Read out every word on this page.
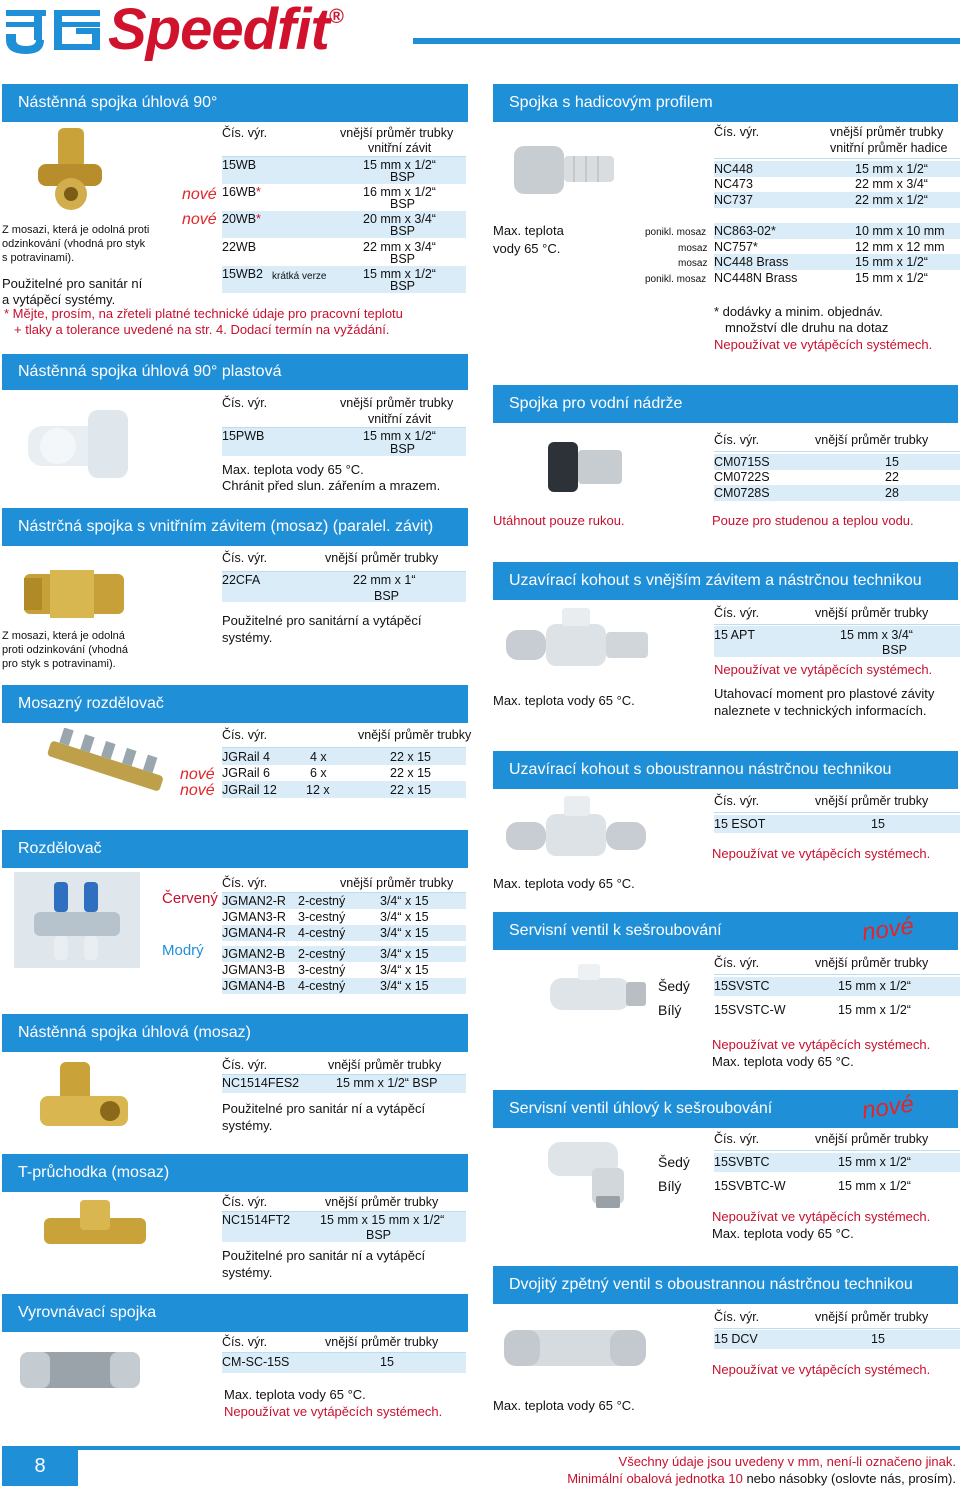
Speedfit®
Nástěnná spojka úhlová 90°
Z mosazi, která je odolná proti
odzinkování (vhodná pro styk
s potravinami).
Použitelné pro sanitár ní
a vytápěcí systémy.
Čís. výr.	vnější průměr trubky
vnitřní závit
15WB	15 mm x 1/2“
BSP
nové 16WB*	16 mm x 1/2“
BSP
nové 20WB*	20 mm x 3/4“
BSP
22WB	22 mm x 3/4“
BSP
15WB2 krátká verze	15 mm x 1/2“
BSP
* Mějte, prosím, na zřeteli platné technické údaje pro pracovní teplotu
+ tlaky a tolerance uvedené na str. 4. Dodací termín na vyžádání.
Nástěnná spojka úhlová 90° plastová
Čís. výr.	vnější průměr trubky
vnitřní závit
15PWB	15 mm x 1/2“
BSP
Max. teplota vody 65 °C.
Chránit před slun. zářením a mrazem.
Nástrčná spojka s vnitřním závitem (mosaz) (paralel. závit)
Z mosazi, která je odolná
proti odzinkování (vhodná
pro styk s potravinami).
Čís. výr.	vnější průměr trubky
22CFA	22 mm x 1“
BSP
Použitelné pro sanitární a vytápěcí
systémy.
Mosazný rozdělovač
Čís. výr.	vnější průměr trubky
JGRail 4	4 x	22 x 15
nové JGRail 6	6 x	22 x 15
nové JGRail 12 12 x	22 x 15
Rozdělovač
Červený
Modrý
Čís. výr.	vnější průměr trubky
JGMAN2-R 2-cestný	3/4“ x 15
JGMAN3-R 3-cestný	3/4“ x 15
JGMAN4-R 4-cestný	3/4“ x 15
JGMAN2-B 2-cestný	3/4“ x 15
JGMAN3-B 3-cestný	3/4“ x 15
JGMAN4-B 4-cestný	3/4“ x 15
Nástěnná spojka úhlová (mosaz)
Čís. výr.	vnější průměr trubky
NC1514FES2	15 mm x 1/2“ BSP
Použitelné pro sanitár ní a vytápěcí
systémy.
T-průchodka (mosaz)
Čís. výr.	vnější průměr trubky
NC1514FT2 15 mm x 15 mm x 1/2“
BSP
Použitelné pro sanitár ní a vytápěcí
systémy.
Vyrovnávací spojka
Čís. výr.	vnější průměr trubky
CM-SC-15S	15
Max. teplota vody 65 °C.
Nepoužívat ve vytápěcích systémech.
Spojka s hadicovým profilem
Max. teplota
vody 65 °C.
Čís. výr.	vnější průměr trubky
vnitřní průměr hadice
NC448	15 mm x 1/2“
NC473	22 mm x 3/4“
NC737	22 mm x 1/2“
ponikl. mosaz NC863-02*	10 mm x 10 mm
mosaz NC757*	12 mm x 12 mm
mosaz NC448 Brass	15 mm x 1/2“
ponikl. mosaz NC448N Brass	15 mm x 1/2“
* dodávky a minim. objednáv.
množství dle druhu na dotaz
Nepoužívat ve vytápěcích systémech.
Spojka pro vodní nádrže
Čís. výr.	vnější průměr trubky
CM0715S	15
CM0722S	22
CM0728S	28
Utáhnout pouze rukou.	Pouze pro studenou a teplou vodu.
Uzavírací kohout s vnějším závitem a nástrčnou technikou
Max. teplota vody 65 °C.
Čís. výr.	vnější průměr trubky
15 APT	15 mm x 3/4“
BSP
Nepoužívat ve vytápěcích systémech.
Utahovací moment pro plastové závity
naleznete v technických informacích.
Uzavírací kohout s oboustrannou nástrčnou technikou
Max. teplota vody 65 °C.
Čís. výr.	vnější průměr trubky
15 ESOT	15
Nepoužívat ve vytápěcích systémech.
Servisní ventil k sešroubování	nové
Čís. výr.	vnější průměr trubky
Šedý 15SVSTC	15 mm x 1/2“
Bílý	15SVSTC-W	15 mm x 1/2“
Nepoužívat ve vytápěcích systémech.
Max. teplota vody 65 °C.
Servisní ventil úhlový k sešroubování	nové
Čís. výr.	vnější průměr trubky
Šedý 15SVBTC	15 mm x 1/2“
Bílý	15SVBTC-W	15 mm x 1/2“
Nepoužívat ve vytápěcích systémech.
Max. teplota vody 65 °C.
Dvojitý zpětný ventil s oboustrannou nástrčnou technikou
Max. teplota vody 65 °C.
Čís. výr.	vnější průměr trubky
15 DCV	15
Nepoužívat ve vytápěcích systémech.
8	Všechny údaje jsou uvedeny v mm, není-li označeno jinak.
Minimální obalová jednotka 10 nebo násobky (oslovte nás, prosím).
